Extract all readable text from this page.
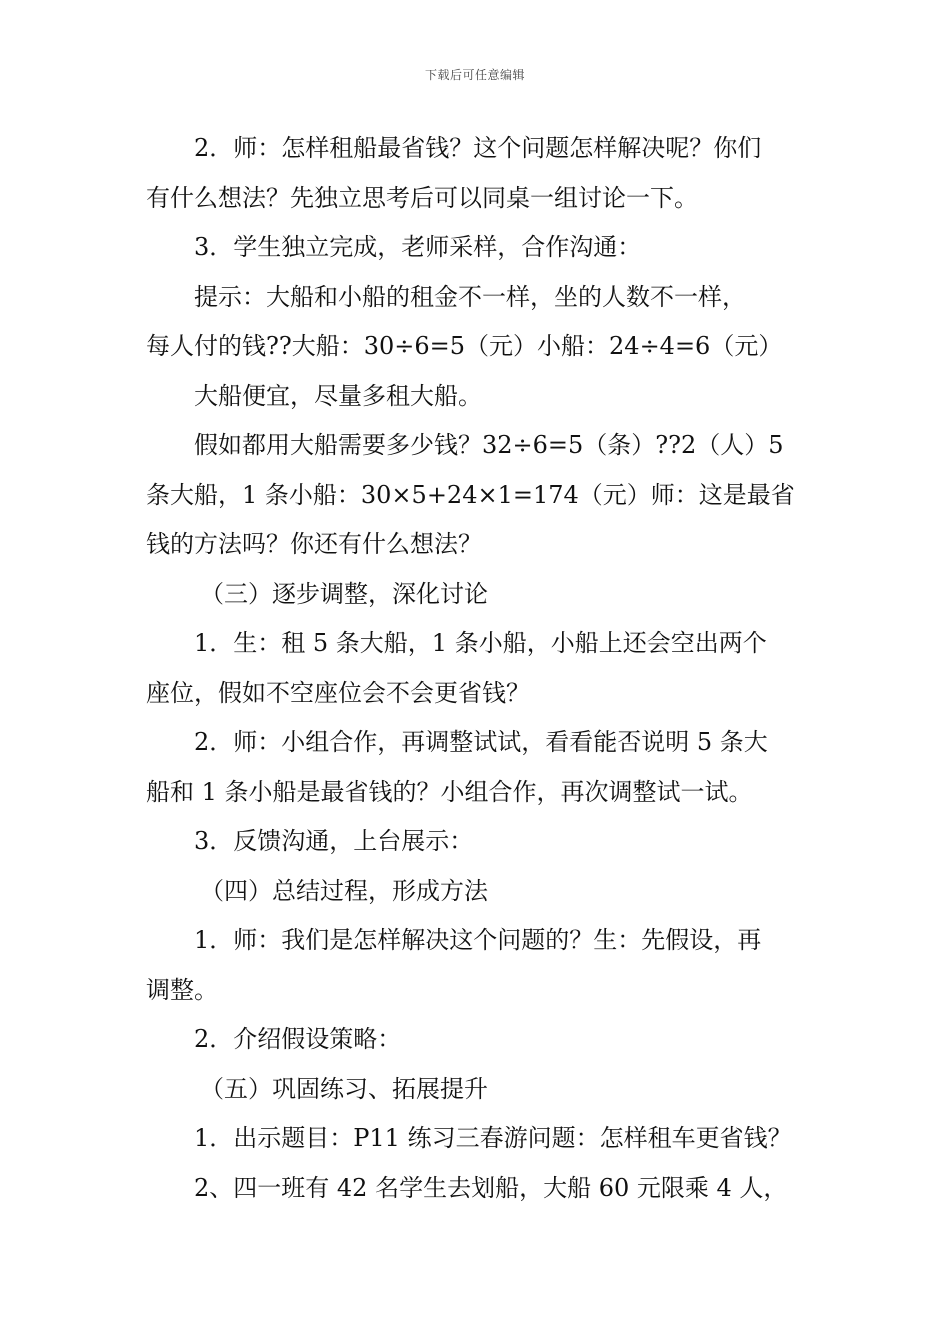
下载后可任意编辑
2．师：怎样租船最省钱？这个问题怎样解决呢？你们
有什么想法？先独立思考后可以同桌一组讨论一下。
3．学生独立完成，老师采样，合作沟通：
提示：大船和小船的租金不一样，坐的人数不一样，
每人付的钱??大船：30÷6=5（元）小船：24÷4=6（元）
大船便宜，尽量多租大船。
假如都用大船需要多少钱？32÷6=5（条）??2（人）5
条大船，1 条小船：30×5+24×1=174（元）师：这是最省
钱的方法吗？你还有什么想法？
（三）逐步调整，深化讨论
1．生：租 5 条大船，1 条小船，小船上还会空出两个
座位，假如不空座位会不会更省钱？
2．师：小组合作，再调整试试，看看能否说明 5 条大
船和 1 条小船是最省钱的？小组合作，再次调整试一试。
3．反馈沟通，上台展示：
（四）总结过程，形成方法
1．师：我们是怎样解决这个问题的？生：先假设，再
调整。
2．介绍假设策略：
（五）巩固练习、拓展提升
1．出示题目：P11 练习三春游问题：怎样租车更省钱？
2、四一班有 42 名学生去划船，大船 60 元限乘 4 人，
